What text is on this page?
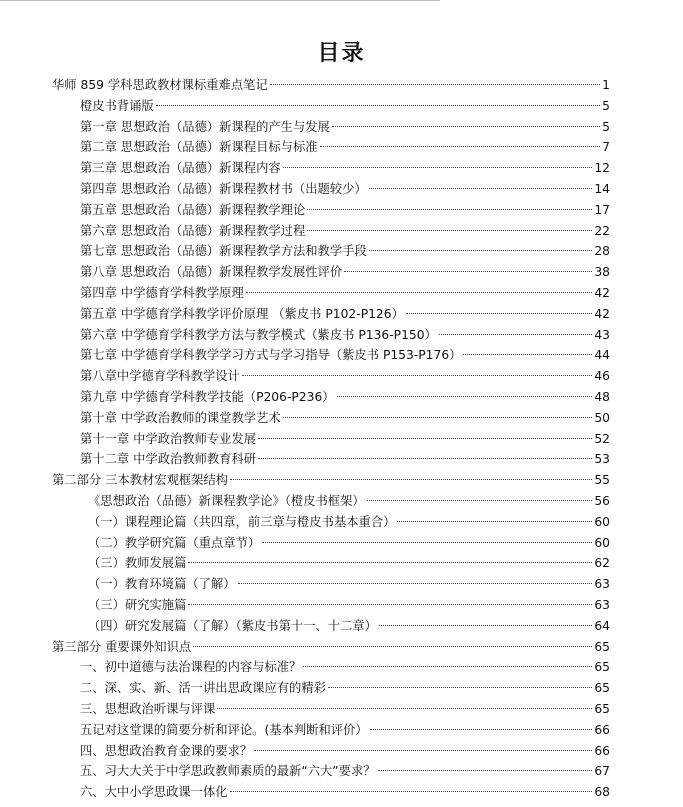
目录
华师 859 学科思政教材课标重难点笔记	1
橙皮书背诵版	5
第一章 思想政治（品德）新课程的产生与发展	5
第二章 思想政治（品德）新课程目标与标准	7
第三章 思想政治（品德）新课程内容	12
第四章 思想政治（品德）新课程教材书（出题较少）	14
第五章 思想政治（品德）新课程教学理论	17
第六章 思想政治（品德）新课程教学过程	22
第七章 思想政治（品德）新课程教学方法和教学手段	28
第八章 思想政治（品德）新课程教学发展性评价	38
第四章 中学德育学科教学原理	42
第五章 中学德育学科教学评价原理 （紫皮书 P102-P126）	42
第六章 中学德育学科教学方法与教学模式（紫皮书 P136-P150）	43
第七章 中学德育学科教学学习方式与学习指导（紫皮书 P153-P176）	44
第八章中学德育学科教学设计	46
第九章 中学德育学科教学技能（P206-P236）	48
第十章 中学政治教师的课堂教学艺术	50
第十一章 中学政治教师专业发展	52
第十二章 中学政治教师教育科研	53
第二部分 三本教材宏观框架结构	55
《思想政治（品德）新课程教学论》（橙皮书框架）	56
（一）课程理论篇（共四章，前三章与橙皮书基本重合）	60
（二）教学研究篇（重点章节）	60
（三）教师发展篇	62
（一）教育环境篇（了解）	63
（三）研究实施篇	63
（四）研究发展篇（了解）（紫皮书第十一、十二章）	64
第三部分 重要课外知识点	65
一、初中道德与法治课程的内容与标准？	65
二、深、实、新、活一讲出思政课应有的精彩	65
三、思想政治听课与评课	65
五记对这堂课的简要分析和评论。(基本判断和评价）	66
四、思想政治教育金课的要求？	66
五、习大大关于中学思政教师素质的最新“六大”要求？	67
六、大中小学思政课一体化	68
